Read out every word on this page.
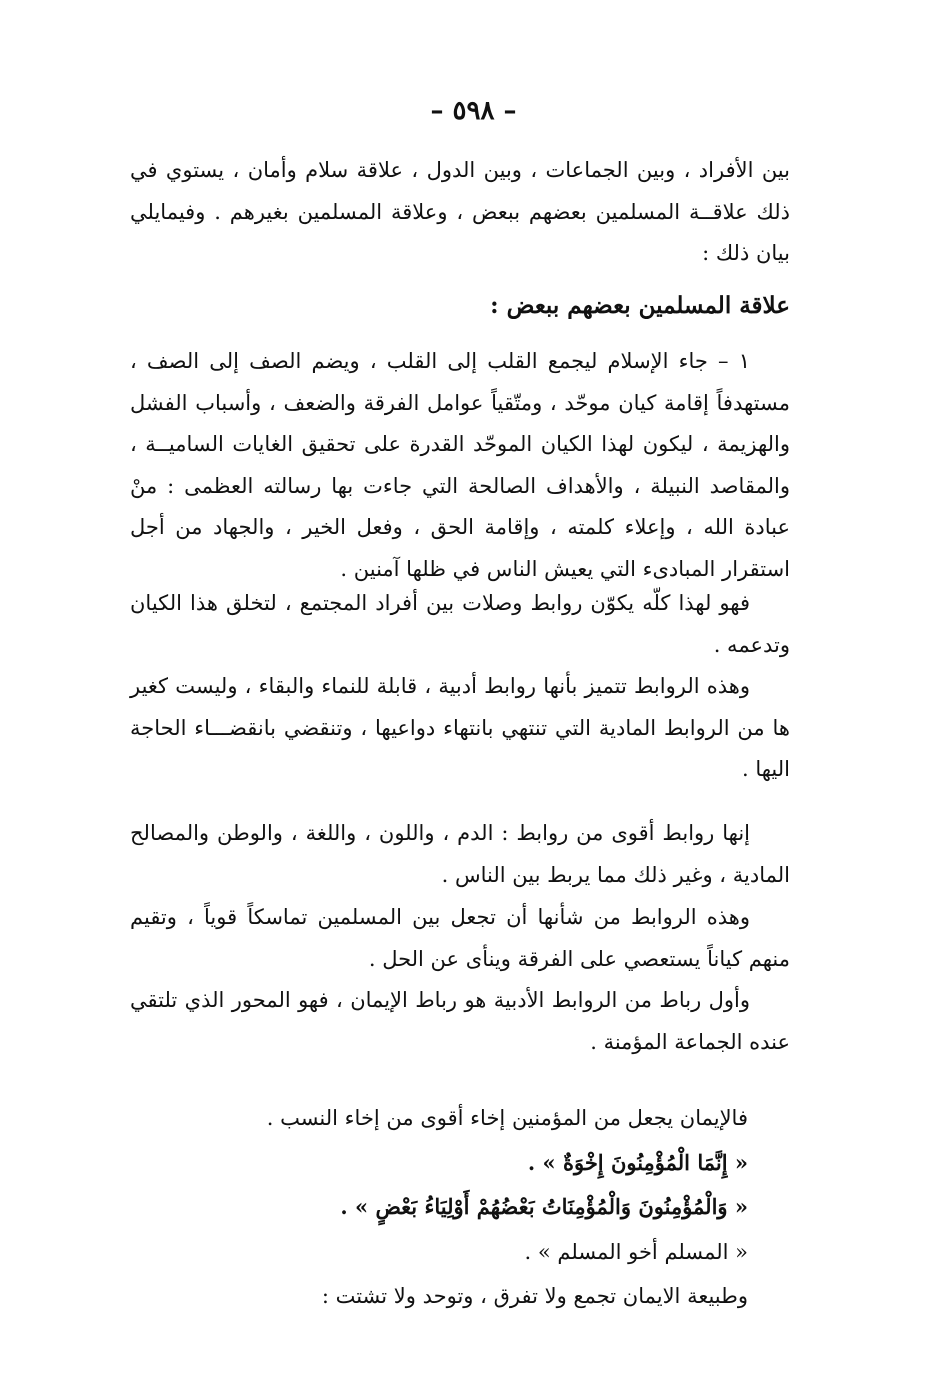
– ٥٩٨ –

بين الأفراد ، وبين الجماعات ، وبين الدول ، علاقة سلام وأمان ، يستوي في ذلك علاقــة المسلمين بعضهم ببعض ، وعلاقة المسلمين بغيرهم . وفيمايلي بيان ذلك :

علاقة المسلمين بعضهم ببعض :

١ – جاء الإسلام ليجمع القلب إلى القلب ، ويضم الصف إلى الصف ، مستهدفاً إقامة كيان موحّد ، ومتّقياً عوامل الفرقة والضعف ، وأسباب الفشل والهزيمة ، ليكون لهذا الكيان الموحّد القدرة على تحقيق الغايات الساميــة ، والمقاصد النبيلة ، والأهداف الصالحة التي جاءت بها رسالته العظمى : منْ عبادة الله ، وإعلاء كلمته ، وإقامة الحق ، وفعل الخير ، والجهاد من أجل استقرار المبادىء التي يعيش الناس في ظلها آمنين .

فهو لهذا كلّه يكوّن روابط وصلات بين أفراد المجتمع ، لتخلق هذا الكيان وتدعمه .

وهذه الروابط تتميز بأنها روابط أدبية ، قابلة للنماء والبقاء ، وليست كغير ها من الروابط المادية التي تنتهي بانتهاء دواعيها ، وتنقضي بانقضـــاء الحاجة اليها .

إنها روابط أقوى من روابط : الدم ، واللون ، واللغة ، والوطن والمصالح المادية ، وغير ذلك مما يربط بين الناس .

وهذه الروابط من شأنها أن تجعل بين المسلمين تماسكاً قوياً ، وتقيم منهم كياناً يستعصي على الفرقة وينأى عن الحل .

وأول رباط من الروابط الأدبية هو رباط الإيمان ، فهو المحور الذي تلتقي عنده الجماعة المؤمنة .

فالإيمان يجعل من المؤمنين إخاء أقوى من إخاء النسب .

« إِنَّمَا الْمُؤْمِنُونَ إِخْوَةٌ » .

« وَالْمُؤْمِنُونَ وَالْمُؤْمِنَاتُ بَعْضُهُمْ أَوْلِيَاءُ بَعْضٍ » .

« المسلم أخو المسلم » .

وطبيعة الايمان تجمع ولا تفرق ، وتوحد ولا تشتت :
